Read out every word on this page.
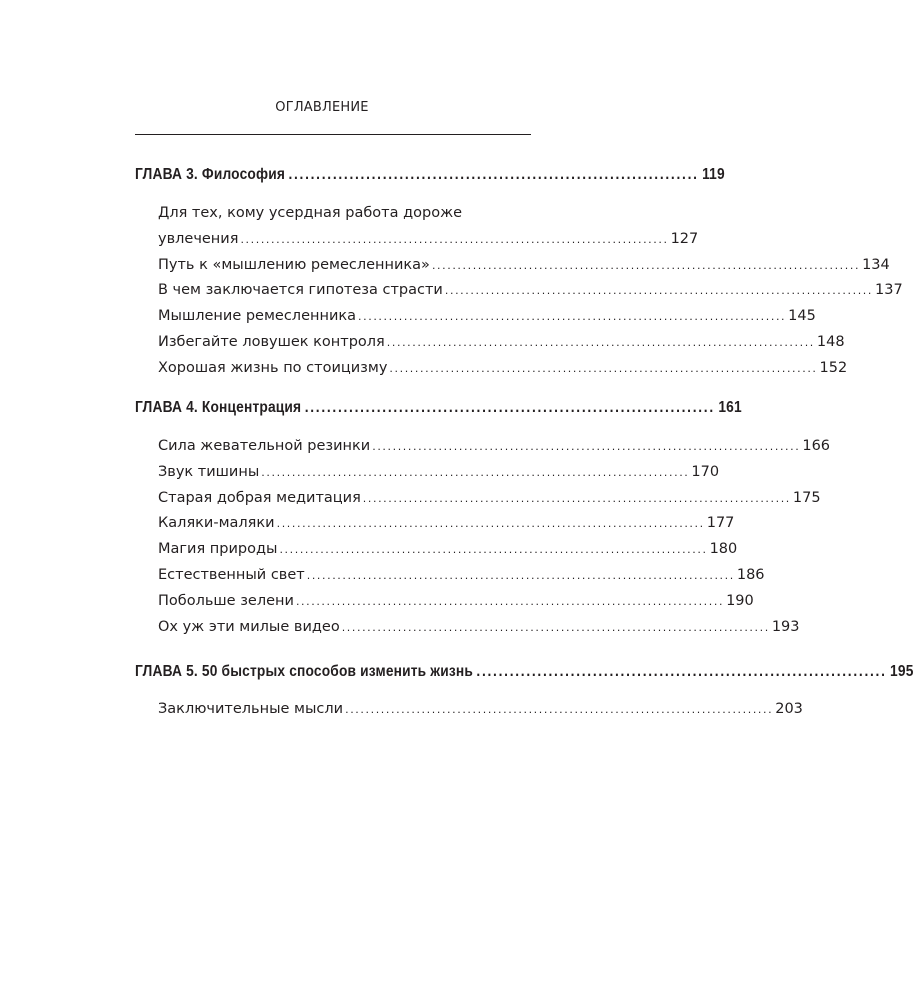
ОГЛАВЛЕНИЕ
ГЛАВА 3. Философия .......................................................................... 119
Для тех, кому усердная работа дороже
увлечения .................................................................................... 127
Путь к «мышлению ремесленника» .................................................................................... 134
В чем заключается гипотеза страсти .................................................................................... 137
Мышление ремесленника .................................................................................... 145
Избегайте ловушек контроля .................................................................................... 148
Хорошая жизнь по стоицизму .................................................................................... 152
ГЛАВА 4. Концентрация .......................................................................... 161
Сила жевательной резинки .................................................................................... 166
Звук тишины .................................................................................... 170
Старая добрая медитация .................................................................................... 175
Каляки-маляки .................................................................................... 177
Магия природы .................................................................................... 180
Естественный свет .................................................................................... 186
Побольше зелени .................................................................................... 190
Ох уж эти милые видео .................................................................................... 193
ГЛАВА 5. 50 быстрых способов изменить жизнь .......................................................................... 195
Заключительные мысли .................................................................................... 203
